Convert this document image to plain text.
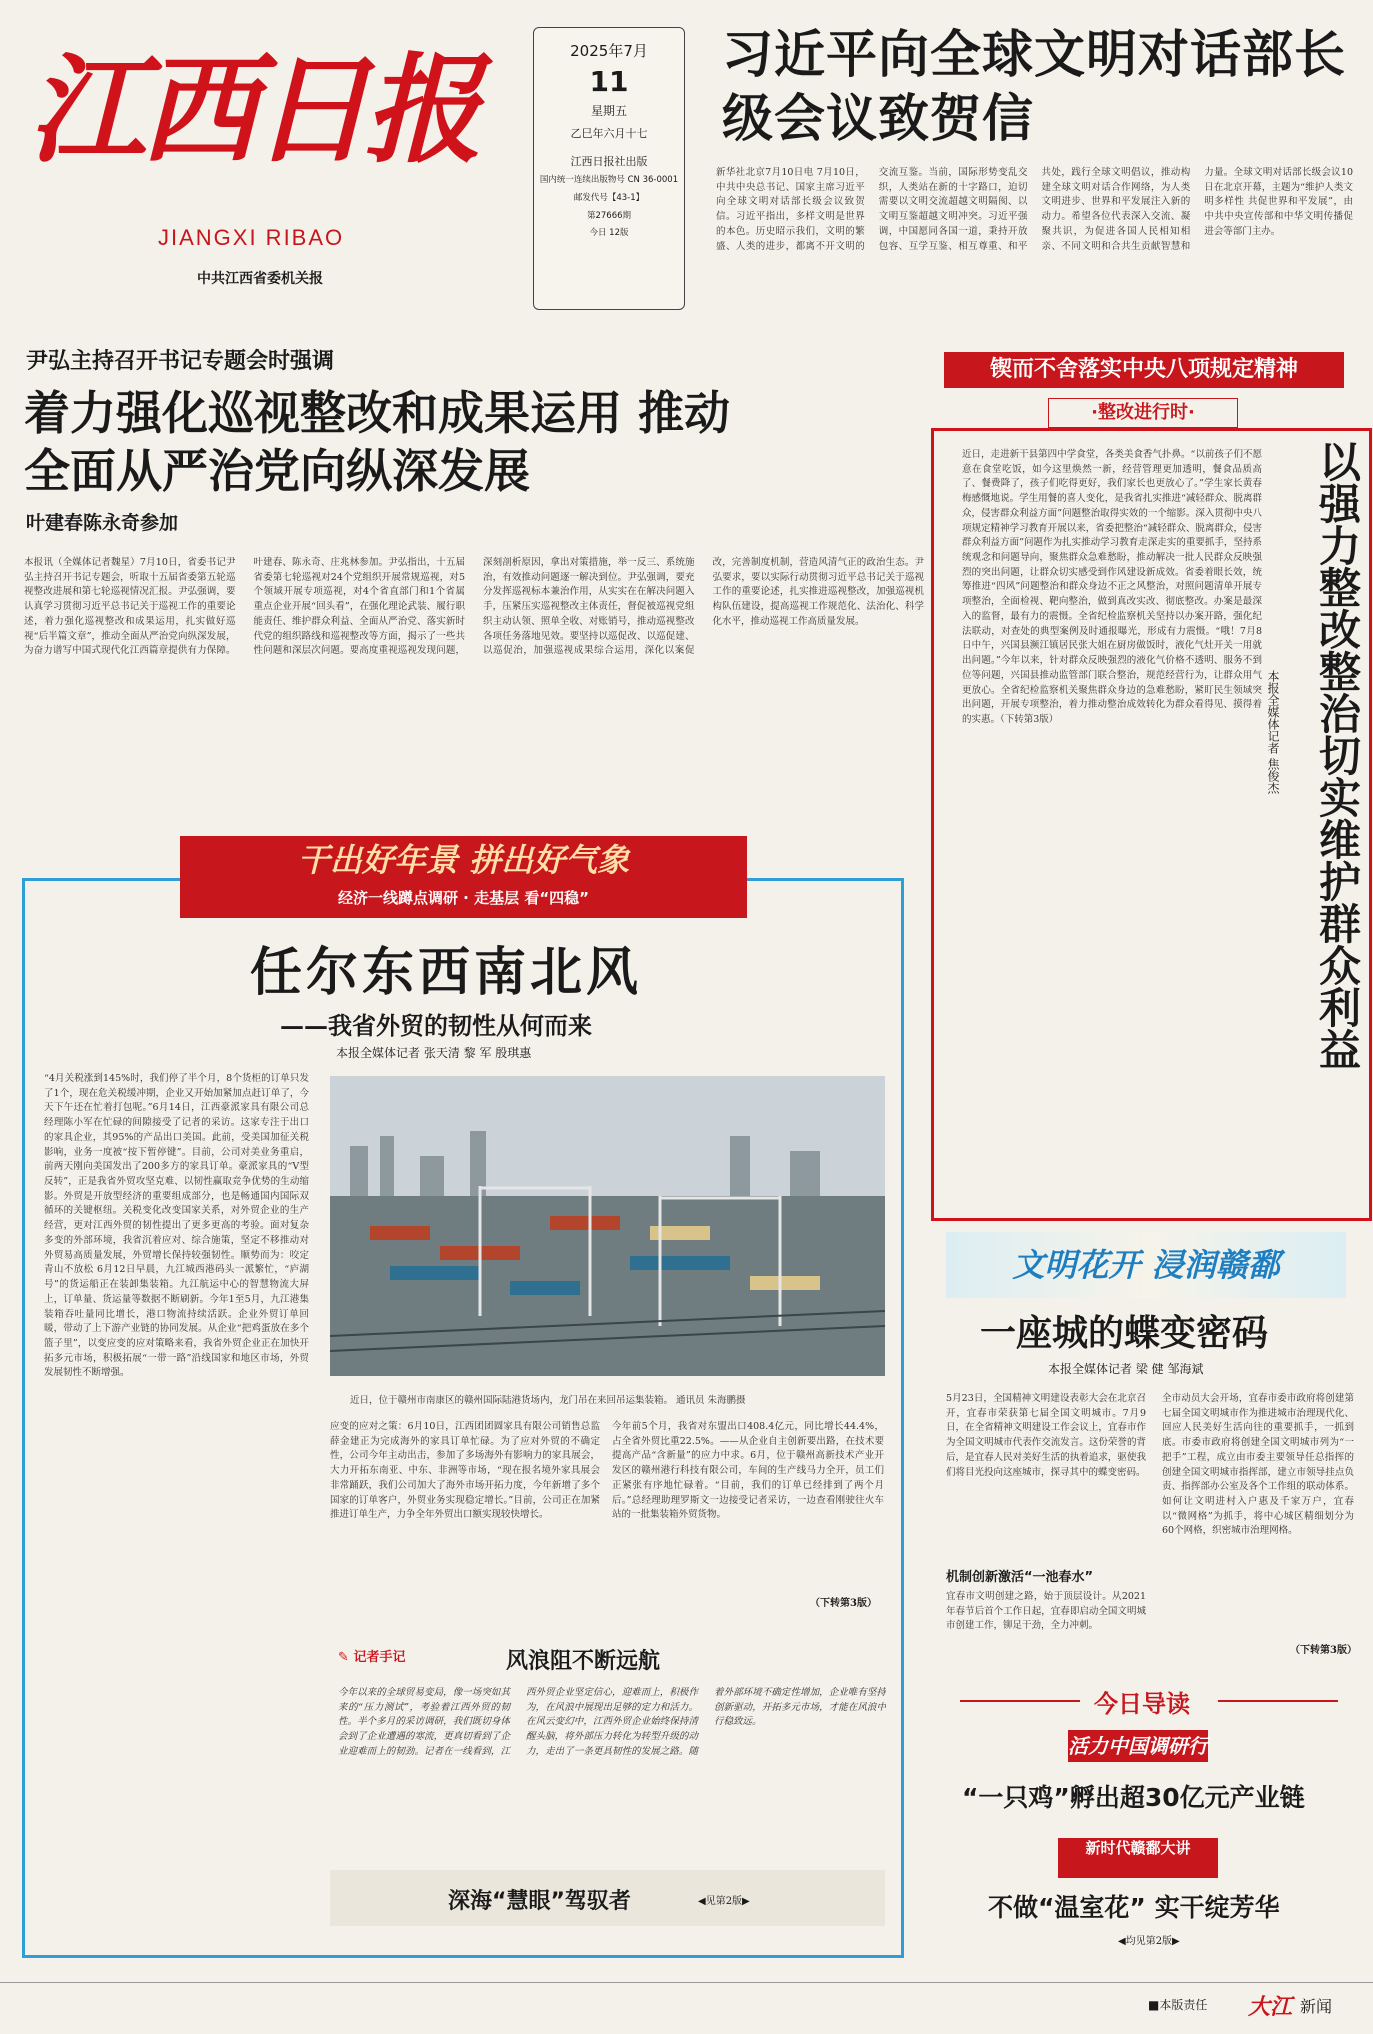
江西日报
JIANGXI RIBAO
中共江西省委机关报
2025年7月
11
星期五
乙巳年六月十七
江西日报社出版
国内统一连续出版物号 CN 36-0001
邮发代号【43-1】
第27666期
今日 12版
习近平向全球文明对话部长级会议致贺信
新华社北京7月10日电 7月10日，中共中央总书记、国家主席习近平向全球文明对话部长级会议致贺信。习近平指出，多样文明是世界的本色。历史昭示我们，文明的繁盛、人类的进步，都离不开文明的交流互鉴。当前，国际形势变乱交织，人类站在新的十字路口，迫切需要以文明交流超越文明隔阂、以文明互鉴超越文明冲突。习近平强调，中国愿同各国一道，秉持开放包容、互学互鉴、相互尊重、和平共处，践行全球文明倡议，推动构建全球文明对话合作网络，为人类文明进步、世界和平发展注入新的动力。希望各位代表深入交流、凝聚共识，为促进各国人民相知相亲、不同文明和合共生贡献智慧和力量。全球文明对话部长级会议10日在北京开幕，主题为“维护人类文明多样性 共促世界和平发展”，由中共中央宣传部和中华文明传播促进会等部门主办。
尹弘主持召开书记专题会时强调
着力强化巡视整改和成果运用 推动全面从严治党向纵深发展
叶建春陈永奇参加
本报讯（全媒体记者魏星）7月10日，省委书记尹弘主持召开书记专题会，听取十五届省委第五轮巡视整改进展和第七轮巡视情况汇报。尹弘强调，要认真学习贯彻习近平总书记关于巡视工作的重要论述，着力强化巡视整改和成果运用，扎实做好巡视“后半篇文章”，推动全面从严治党向纵深发展，为奋力谱写中国式现代化江西篇章提供有力保障。叶建春、陈永奇、庄兆林参加。尹弘指出，十五届省委第七轮巡视对24个党组织开展常规巡视，对5个领域开展专项巡视，对4个省直部门和1个省属重点企业开展“回头看”，在强化理论武装、履行职能责任、维护群众利益、全面从严治党、落实新时代党的组织路线和巡视整改等方面，揭示了一些共性问题和深层次问题。要高度重视巡视发现问题，深刻剖析原因，拿出对策措施，举一反三、系统施治，有效推动问题逐一解决到位。尹弘强调，要充分发挥巡视标本兼治作用，从实实在在解决问题入手，压紧压实巡视整改主体责任，督促被巡视党组织主动认领、照单全收、对账销号，推动巡视整改各项任务落地见效。要坚持以巡促改、以巡促建、以巡促治，加强巡视成果综合运用，深化以案促改，完善制度机制，营造风清气正的政治生态。尹弘要求，要以实际行动贯彻习近平总书记关于巡视工作的重要论述，扎实推进巡视整改，加强巡视机构队伍建设，提高巡视工作规范化、法治化、科学化水平，推动巡视工作高质量发展。
锲而不舍落实中央八项规定精神
·整改进行时·
近日，走进新干县第四中学食堂，各类美食香气扑鼻。“以前孩子们不愿意在食堂吃饭，如今这里焕然一新，经营管理更加透明，餐食品质高了、餐费降了，孩子们吃得更好，我们家长也更放心了。”学生家长黄春梅感慨地说。学生用餐的喜人变化，是我省扎实推进“减轻群众、脱离群众，侵害群众利益方面”问题整治取得实效的一个缩影。深入贯彻中央八项规定精神学习教育开展以来，省委把整治“减轻群众、脱离群众，侵害群众利益方面”问题作为扎实推动学习教育走深走实的重要抓手，坚持系统观念和问题导向，聚焦群众急难愁盼，推动解决一批人民群众反映强烈的突出问题，让群众切实感受到作风建设新成效。省委着眼长效，统筹推进“四风”问题整治和群众身边不正之风整治，对照问题清单开展专项整治，全面检视、靶向整治，做到真改实改、彻底整改。办案是最深入的监督，最有力的震慑。全省纪检监察机关坚持以办案开路，强化纪法联动，对查处的典型案例及时通报曝光，形成有力震慑。“哦！7月8日中午，兴国县濒江镇居民张大姐在厨房做饭时，液化气灶开关一用就出问题。”今年以来，针对群众反映强烈的液化气价格不透明、服务不到位等问题，兴国县推动监管部门联合整治，规范经营行为，让群众用气更放心。全省纪检监察机关聚焦群众身边的急难愁盼，紧盯民生领域突出问题，开展专项整治，着力推动整治成效转化为群众看得见、摸得着的实惠。（下转第3版）	以强力整改整治切实维护群众利益
本报全媒体记者 焦俊杰
干出好年景 拼出好气象
经济一线蹲点调研 · 走基层 看“四稳”
任尔东西南北风
——我省外贸的韧性从何而来
本报全媒体记者 张天清 黎 军 殷琪惠
“4月关税涨到145%时，我们停了半个月，8个货柜的订单只发了1个，现在危关税缓冲期，企业又开始加紧加点赶订单了，今天下午还在忙着打包呢。”6月14日，江西豪派家具有限公司总经理陈小军在忙碌的间隙接受了记者的采访。这家专注于出口的家具企业，其95%的产品出口美国。此前，受美国加征关税影响，业务一度被“按下暂停键”。目前，公司对美业务重启，前两天刚向美国发出了200多方的家具订单。豪派家具的“V型反转”，正是我省外贸攻坚克难、以韧性赢取竞争优势的生动缩影。外贸是开放型经济的重要组成部分，也是畅通国内国际双循环的关键枢纽。关税变化改变国家关系，对外贸企业的生产经营，更对江西外贸的韧性提出了更多更高的考验。面对复杂多变的外部环境，我省沉着应对、综合施策，坚定不移推动对外贸易高质量发展，外贸增长保持较强韧性。顺势而为：咬定青山不放松 6月12日早晨，九江城西港码头一派繁忙，“庐湖号”的货运船正在装卸集装箱。九江航运中心的智慧物流大屏上，订单量、货运量等数据不断刷新。今年1至5月，九江港集装箱吞吐量同比增长，港口物流持续活跃。企业外贸订单回暖，带动了上下游产业链的协同发展。从企业“把鸡蛋放在多个篮子里”，以变应变的应对策略来看，我省外贸企业正在加快开拓多元市场，积极拓展“一带一路”沿线国家和地区市场，外贸发展韧性不断增强。
近日，位于赣州市南康区的赣州国际陆港货场内，龙门吊在来回吊运集装箱。 通讯员 朱海鹏摄
应变的应对之策：6月10日，江西团团圆家具有限公司销售总监薛金建正为完成海外的家具订单忙碌。为了应对外贸的不确定性，公司今年主动出击，参加了多场海外有影响力的家具展会，大力开拓东南亚、中东、非洲等市场，“现在报名境外家具展会非常踊跃，我们公司加大了海外市场开拓力度，今年新增了多个国家的订单客户，外贸业务实现稳定增长。”目前，公司正在加紧推进订单生产，力争全年外贸出口额实现较快增长。
今年前5个月，我省对东盟出口408.4亿元，同比增长44.4%，占全省外贸比重22.5%。——从企业自主创新要出路，在技术要提高产品“含新量”的应力中求。6月，位于赣州高新技术产业开发区的赣州港行科技有限公司，车间的生产线马力全开，员工们正紧张有序地忙碌着。“目前，我们的订单已经排到了两个月后。”总经理助理罗斯文一边接受记者采访，一边查看刚驶往火车站的一批集装箱外贸货物。
（下转第3版）
✎ 记者手记	风浪阻不断远航
今年以来的全球贸易变局，像一场突如其来的“压力测试”，考验着江西外贸的韧性。半个多月的采访调研，我们既切身体会到了企业遭遇的寒流，更真切看到了企业迎难而上的韧劲。记者在一线看到，江西外贸企业坚定信心，迎难而上，积极作为，在风浪中展现出足够的定力和活力。在风云变幻中，江西外贸企业始终保持清醒头脑，将外部压力转化为转型升级的动力，走出了一条更具韧性的发展之路。随着外部环境不确定性增加，企业唯有坚持创新驱动，开拓多元市场，才能在风浪中行稳致远。
深海“慧眼”驾驭者	◀见第2版▶
文明花开 浸润赣鄱
一座城的蝶变密码
本报全媒体记者 梁 健 邹海斌
5月23日，全国精神文明建设表彰大会在北京召开，宜春市荣获第七届全国文明城市。7月9日，在全省精神文明建设工作会议上，宜春市作为全国文明城市代表作交流发言。这份荣誉的背后，是宜春人民对美好生活的执着追求，驱使我们将目光投向这座城市，探寻其中的蝶变密码。
全市动员大会开场，宜春市委市政府将创建第七届全国文明城市作为推进城市治理现代化、回应人民美好生活向往的重要抓手，一抓到底。市委市政府将创建全国文明城市列为“一把手”工程，成立由市委主要领导任总指挥的创建全国文明城市指挥部，建立市领导挂点负责、指挥部办公室及各个工作组的联动体系。如何让文明进村入户惠及千家万户，宜春以“微网格”为抓手，将中心城区精细划分为60个网格，织密城市治理网格。
机制创新激活“一池春水”
宜春市文明创建之路，始于顶层设计。从2021年春节后首个工作日起，宜春即启动全国文明城市创建工作，铆足干劲，全力冲刺。
（下转第3版）
今日导读
活力中国调研行
“一只鸡”孵出超30亿元产业链
新时代赣鄱大讲
不做“温室花” 实干绽芳华
◀均见第2版▶
■本版责任 大江 新闻
